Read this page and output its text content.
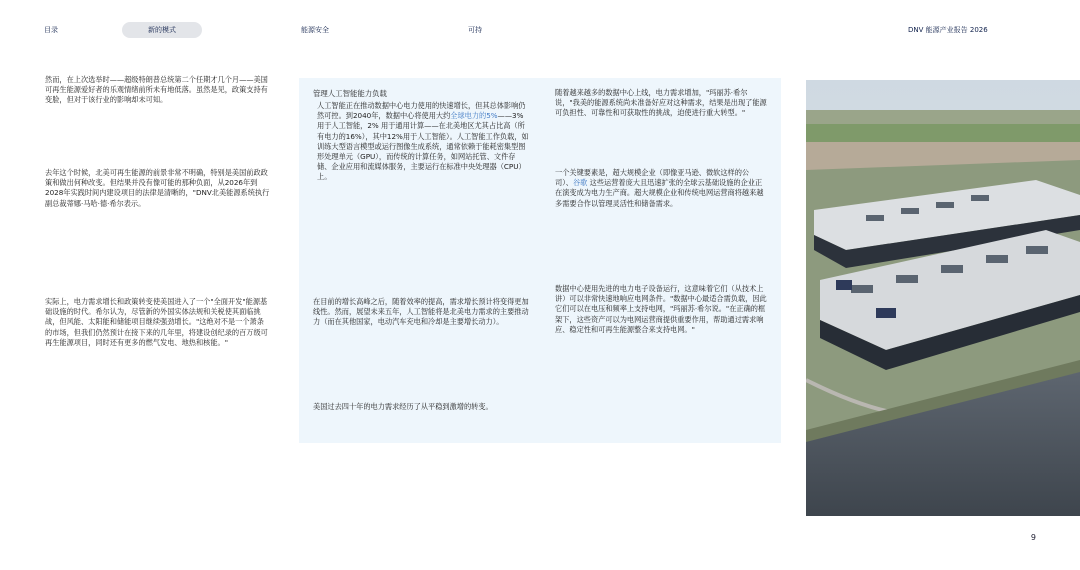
目录	新的模式	能源安全	可持	DNV 能源产业报告 2026

然而，在上次选举时——超级特朗普总统第二个任期才几个月——美国可再生能源爱好者的乐观情绪前所未有地低落。虽然是见，政策支持有变脸，但对于该行业的影响却未可知。

去年这个时候，北美可再生能源的前景非常不明确，特别是美国前政政策和做出何种改变。但结果并没有像可能的那种负面，从2026年到2028年实践时间内建设项目的法律是清晰的，"DNV北美能源系统执行副总裁蒂娜·马哈·德·希尔表示。

实际上，电力需求增长和政策转变使美国进入了一个"全面开发"能源基础设施的时代。希尔认为，尽管新的外国实体法规和关税使其面临挑战，但风能、太阳能和储能项目继续强劲增长。"这绝对不是一个萧条的市场，但我们仍然预计在接下来的几年里，将建设创纪录的百万级可再生能源项目，同时还有更多的燃气发电、地热和核能。"

管理人工智能能力负载

人工智能正在推动数据中心电力使用的快速增长，但其总体影响仍然可控。到2040年，数据中心将使用大约全球电力的5%——3% 用于人工智能，2% 用于通用计算——在北美地区尤其占比高（所有电力的16%），其中12%用于人工智能）。人工智能工作负载，如训练大型语言模型或运行图像生成系统，通常依赖于能耗密集型图形处理单元（GPU），而传统的计算任务，如网站托管、文件存储、企业应用和流媒体服务，主要运行在标准中央处理器（CPU）上。

在目前的增长高峰之后，随着效率的提高，需求增长预计将变得更加线性。然而，展望未来五年，人工智能将是北美电力需求的主要推动力（而在其他国家，电动汽车充电和冷却是主要增长动力）。

美国过去四十年的电力需求经历了从平稳到激增的转变。

随着越来越多的数据中心上线，电力需求增加，"玛丽苏·希尔说，"我美的能源系统尚未准备好应对这种需求，结果是出现了能源可负担性、可靠性和可获取性的挑战，迫使进行重大转型。"

一个关键要素是，超大规模企业（即像亚马逊、微软这样的公司）、谷歌 这些运营着庞大且迅速扩张的全球云基础设施的企业正在演变成为电力生产商。超大规模企业和传统电网运营商将越来越多需要合作以管理灵活性和储备需求。

数据中心使用先进的电力电子设备运行，这意味着它们（从技术上讲）可以非常快速地响应电网条件。"数据中心最适合需负载，因此它们可以在电压和频率上支持电网，"玛丽苏·希尔说。"在正确的框架下，这些资产可以为电网运营商提供重要作用，帮助通过需求响应、稳定性和可再生能源整合来支持电网。"

9
